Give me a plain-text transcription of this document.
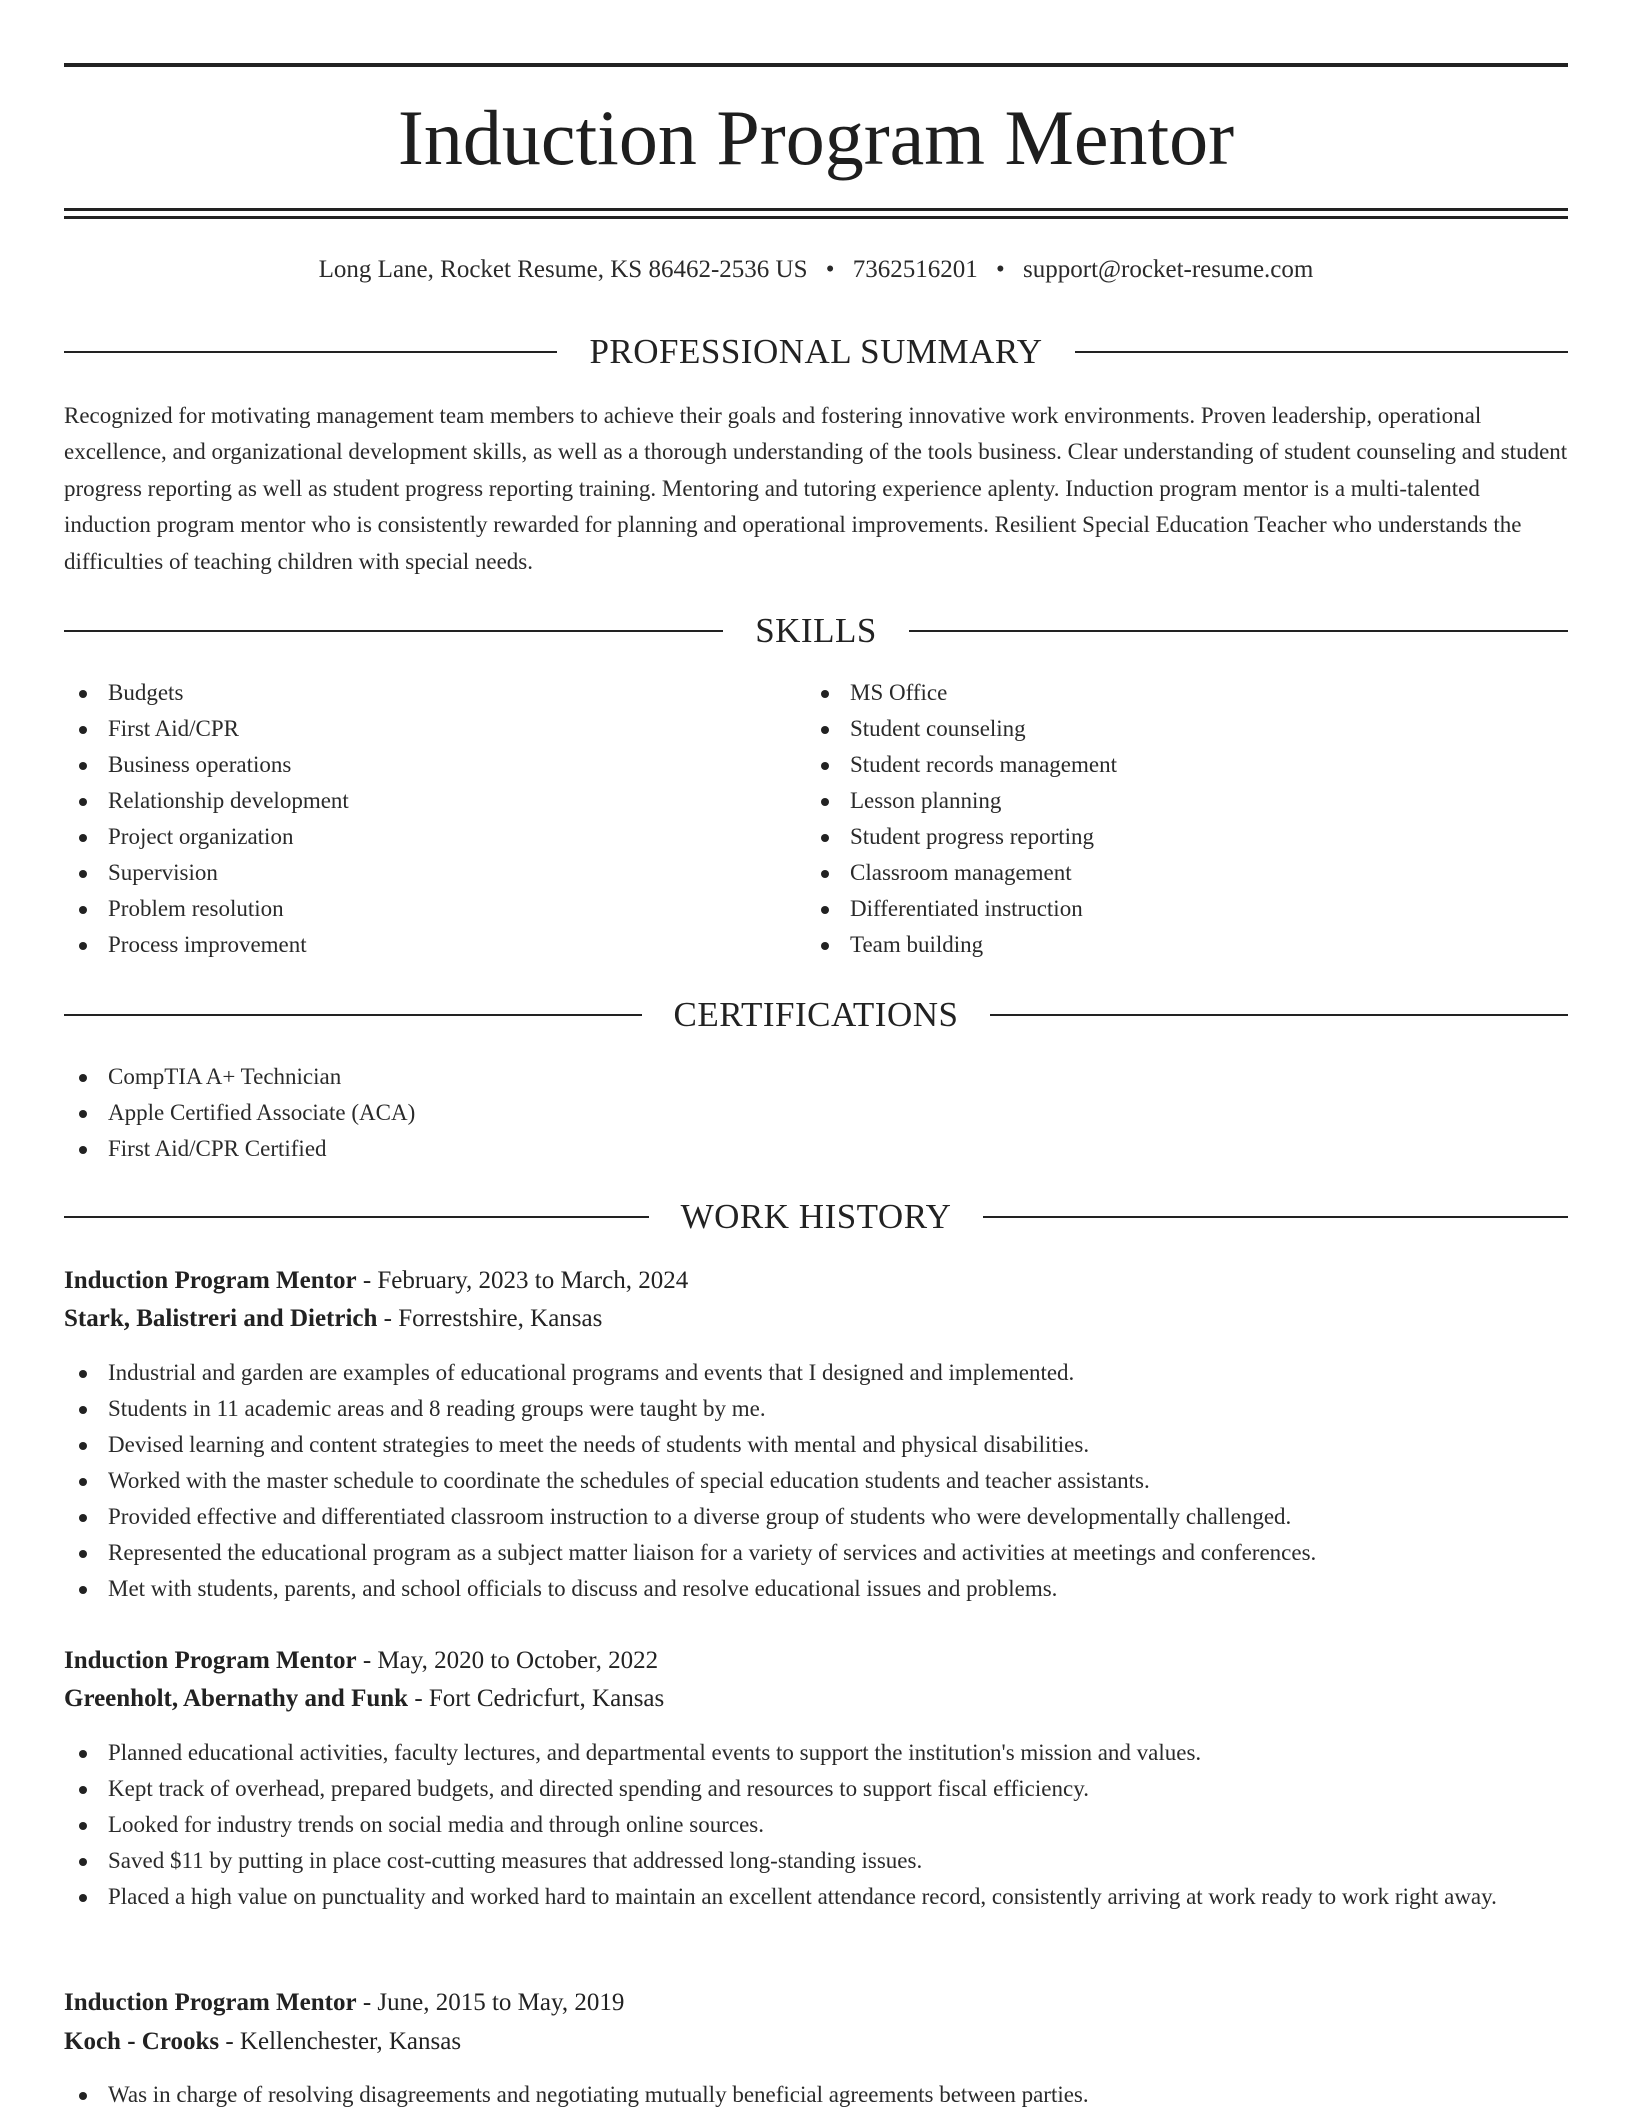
Induction Program Mentor
Long Lane, Rocket Resume, KS 86462-2536 US • 7362516201 • support@rocket-resume.com
PROFESSIONAL SUMMARY

Recognized for motivating management team members to achieve their goals and fostering innovative work environments. Proven leadership, operational excellence, and organizational development skills, as well as a thorough understanding of the tools business. Clear understanding of student counseling and student progress reporting as well as student progress reporting training. Mentoring and tutoring experience aplenty. Induction program mentor is a multi-talented induction program mentor who is consistently rewarded for planning and operational improvements. Resilient Special Education Teacher who understands the difficulties of teaching children with special needs.

SKILLS
Budgets
First Aid/CPR
Business operations
Relationship development
Project organization
Supervision
Problem resolution
Process improvement
MS Office
Student counseling
Student records management
Lesson planning
Student progress reporting
Classroom management
Differentiated instruction
Team building
CERTIFICATIONS
CompTIA A+ Technician
Apple Certified Associate (ACA)
First Aid/CPR Certified
WORK HISTORY
Induction Program Mentor - February, 2023 to March, 2024
Stark, Balistreri and Dietrich - Forrestshire, Kansas
Industrial and garden are examples of educational programs and events that I designed and implemented.
Students in 11 academic areas and 8 reading groups were taught by me.
Devised learning and content strategies to meet the needs of students with mental and physical disabilities.
Worked with the master schedule to coordinate the schedules of special education students and teacher assistants.
Provided effective and differentiated classroom instruction to a diverse group of students who were developmentally challenged.
Represented the educational program as a subject matter liaison for a variety of services and activities at meetings and conferences.
Met with students, parents, and school officials to discuss and resolve educational issues and problems.
Induction Program Mentor - May, 2020 to October, 2022
Greenholt, Abernathy and Funk - Fort Cedricfurt, Kansas
Planned educational activities, faculty lectures, and departmental events to support the institution's mission and values.
Kept track of overhead, prepared budgets, and directed spending and resources to support fiscal efficiency.
Looked for industry trends on social media and through online sources.
Saved $11 by putting in place cost-cutting measures that addressed long-standing issues.
Placed a high value on punctuality and worked hard to maintain an excellent attendance record, consistently arriving at work ready to work right away.
Induction Program Mentor - June, 2015 to May, 2019
Koch - Crooks - Kellenchester, Kansas
Was in charge of resolving disagreements and negotiating mutually beneficial agreements between parties.
